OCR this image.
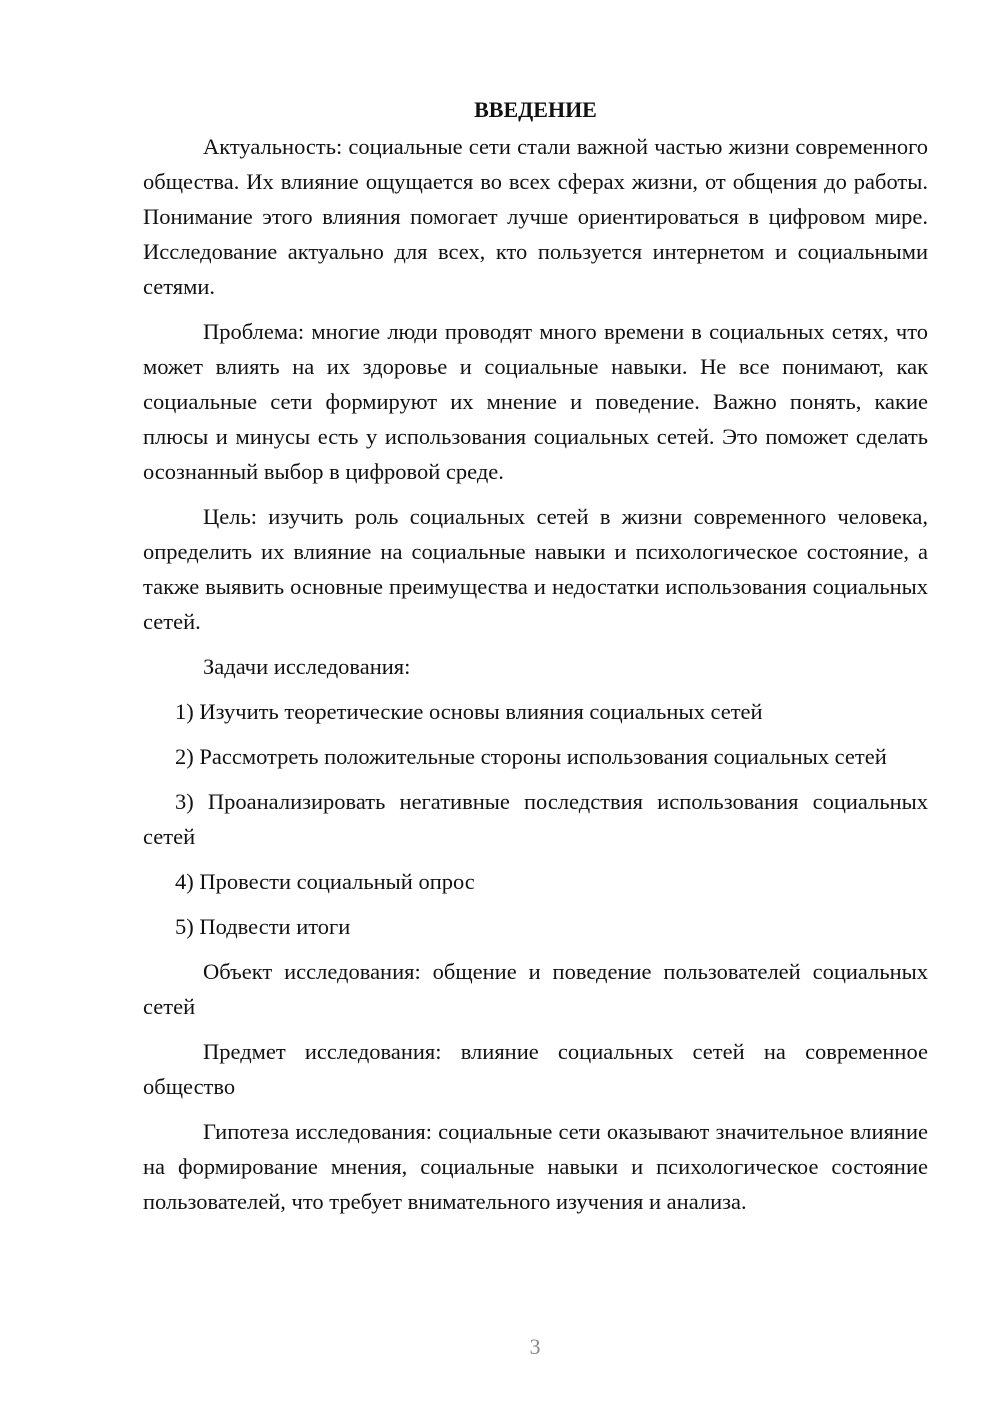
ВВЕДЕНИЕ

Актуальность: социальные сети стали важной частью жизни современного общества. Их влияние ощущается во всех сферах жизни, от общения до работы. Понимание этого влияния помогает лучше ориентироваться в цифровом мире. Исследование актуально для всех, кто пользуется интернетом и социальными сетями.

Проблема: многие люди проводят много времени в социальных сетях, что может влиять на их здоровье и социальные навыки. Не все понимают, как социальные сети формируют их мнение и поведение. Важно понять, какие плюсы и минусы есть у использования социальных сетей. Это поможет сделать осознанный выбор в цифровой среде.

Цель: изучить роль социальных сетей в жизни современного человека, определить их влияние на социальные навыки и психологическое состояние, а также выявить основные преимущества и недостатки использования социальных сетей.

Задачи исследования:

1) Изучить теоретические основы влияния социальных сетей

2) Рассмотреть положительные стороны использования социальных сетей

3) Проанализировать негативные последствия использования социальных сетей

4) Провести социальный опрос

5) Подвести итоги

Объект исследования: общение и поведение пользователей социальных сетей

Предмет исследования: влияние социальных сетей на современное общество

Гипотеза исследования: социальные сети оказывают значительное влияние на формирование мнения, социальные навыки и психологическое состояние пользователей, что требует внимательного изучения и анализа.

3
